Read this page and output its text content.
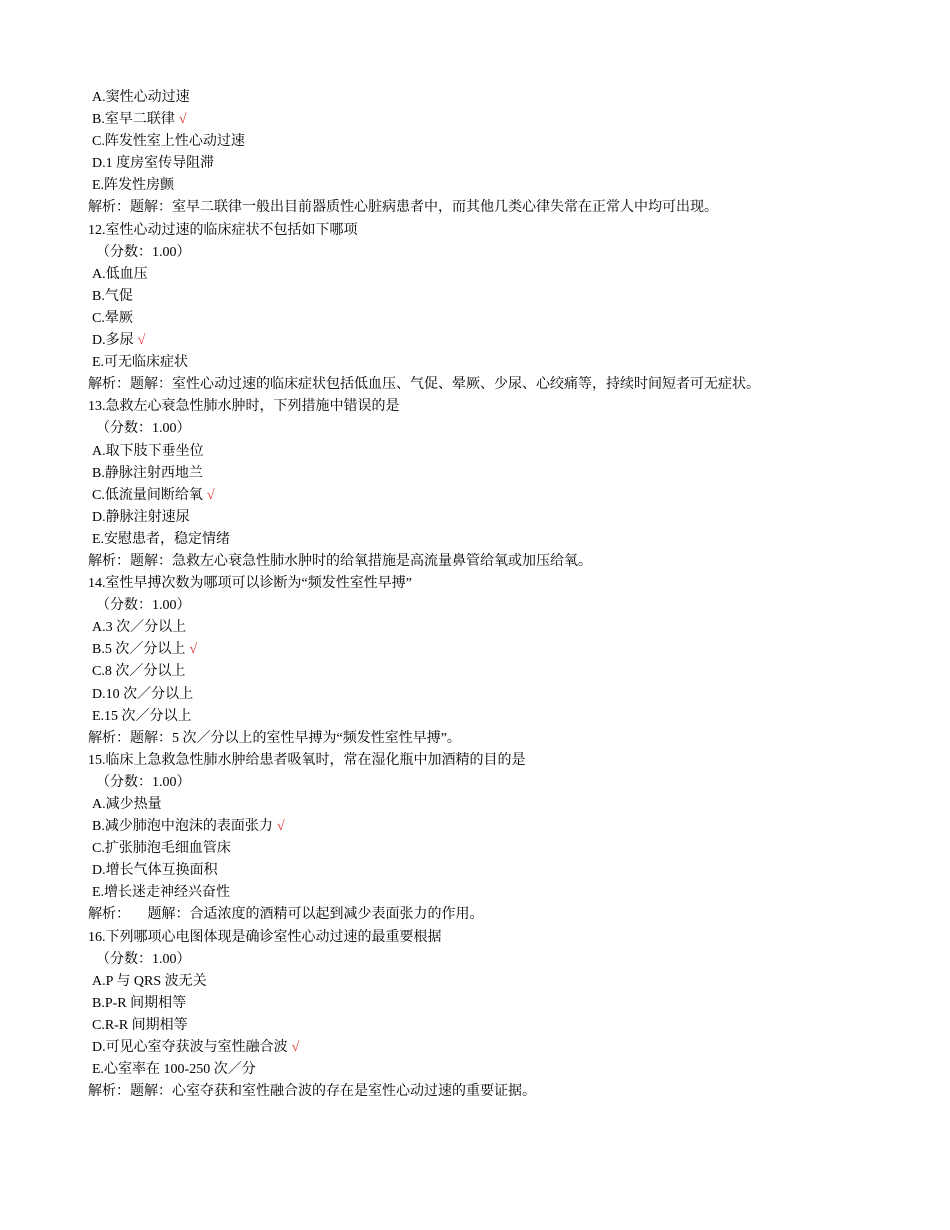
A.窦性心动过速
B.室早二联律 √
C.阵发性室上性心动过速
D.1 度房室传导阻滞
E.阵发性房颤
解析：题解：室早二联律一般出目前器质性心脏病患者中，而其他几类心律失常在正常人中均可出现。
12.室性心动过速的临床症状不包括如下哪项
（分数：1.00）
A.低血压
B.气促
C.晕厥
D.多尿 √
E.可无临床症状
解析：题解：室性心动过速的临床症状包括低血压、气促、晕厥、少尿、心绞痛等，持续时间短者可无症状。
13.急救左心衰急性肺水肿时，下列措施中错误的是
（分数：1.00）
A.取下肢下垂坐位
B.静脉注射西地兰
C.低流量间断给氧 √
D.静脉注射速尿
E.安慰患者，稳定情绪
解析：题解：急救左心衰急性肺水肿时的给氧措施是高流量鼻管给氧或加压给氧。
14.室性早搏次数为哪项可以诊断为“频发性室性早搏”
（分数：1.00）
A.3 次／分以上
B.5 次／分以上 √
C.8 次／分以上
D.10 次／分以上
E.15 次／分以上
解析：题解：5 次／分以上的室性早搏为“频发性室性早搏”。
15.临床上急救急性肺水肿给患者吸氧时，常在湿化瓶中加酒精的目的是
（分数：1.00）
A.减少热量
B.减少肺泡中泡沫的表面张力 √
C.扩张肺泡毛细血管床
D.增长气体互换面积
E.增长迷走神经兴奋性
解析：     题解：合适浓度的酒精可以起到减少表面张力的作用。
16.下列哪项心电图体现是确诊室性心动过速的最重要根据
（分数：1.00）
A.P 与 QRS 波无关
B.P-R 间期相等
C.R-R 间期相等
D.可见心室夺获波与室性融合波 √
E.心室率在 100-250 次／分
解析：题解：心室夺获和室性融合波的存在是室性心动过速的重要证据。
